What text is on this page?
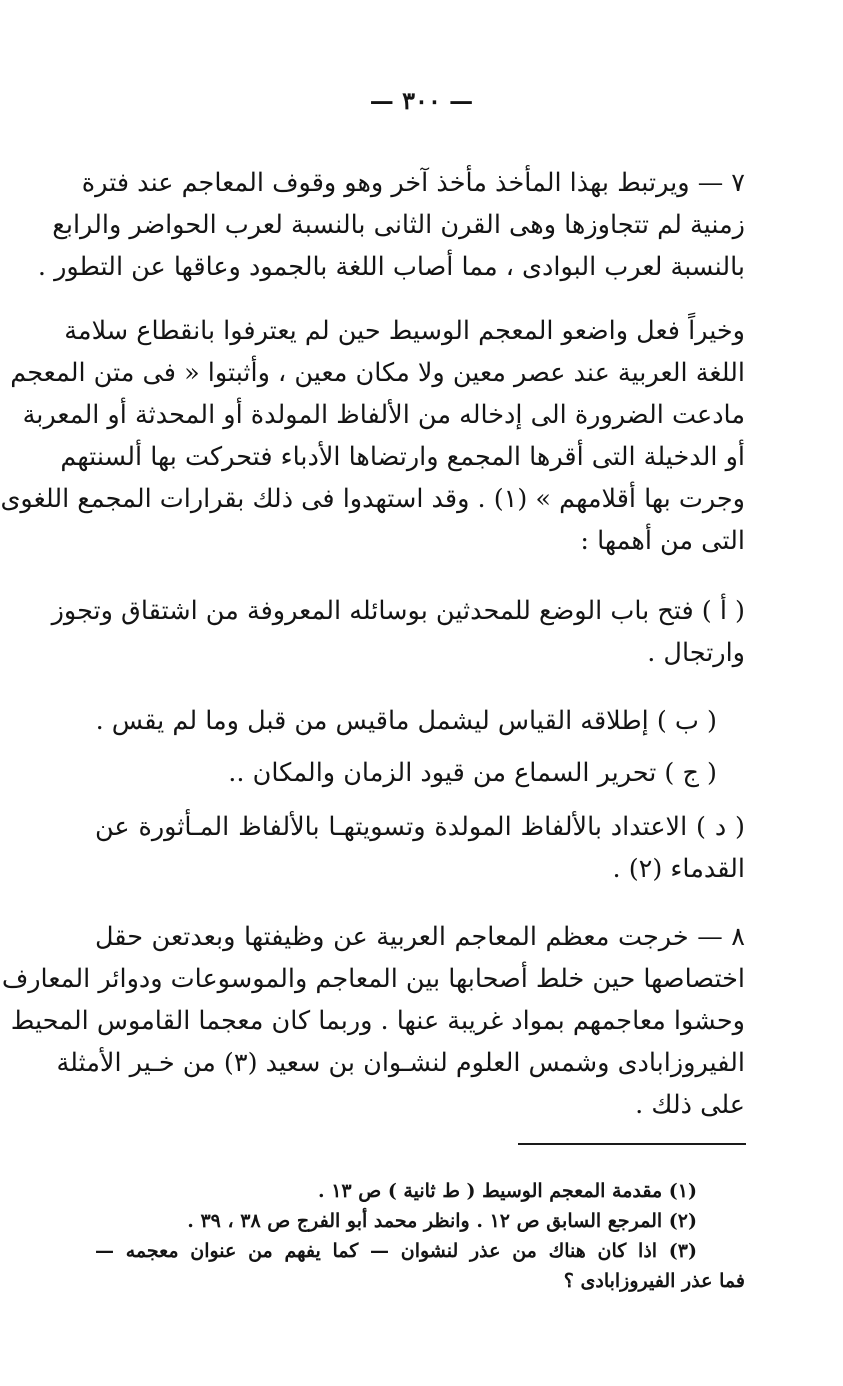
— ٣٠٠ —
٧ — ويرتبط بهذا المأخذ مأخذ آخر وهو وقوف المعاجم عند فترة
زمنية لم تتجاوزها وهى القرن الثانى بالنسبة لعرب الحواضر والرابع
بالنسبة لعرب البوادى ، مما أصاب اللغة بالجمود وعاقها عن التطور .
وخيراً فعل واضعو المعجم الوسيط حين لم يعترفوا بانقطاع سلامة
اللغة العربية عند عصر معين ولا مكان معين ، وأثبتوا « فى متن المعجم
مادعت الضرورة الى إدخاله من الألفاظ المولدة أو المحدثة أو المعربة
أو الدخيلة التى أقرها المجمع وارتضاها الأدباء فتحركت بها ألسنتهم
وجرت بها أقلامهم » (١) . وقد استهدوا فى ذلك بقرارات المجمع اللغوى
التى من أهمها :
( أ ) فتح باب الوضع للمحدثين بوسائله المعروفة من اشتقاق وتجوز
وارتجال .
( ب ) إطلاقه القياس ليشمل ماقيس من قبل وما لم يقس .
( ج ) تحرير السماع من قيود الزمان والمكان ..
( د ) الاعتداد بالألفاظ المولدة وتسويتهـا بالألفاظ المـأثورة عن
القدماء (٢) .
٨ — خرجت معظم المعاجم العربية عن وظيفتها وبعدتعن حقل
اختصاصها حين خلط أصحابها بين المعاجم والموسوعات ودوائر المعارف
وحشوا معاجمهم بمواد غريبة عنها . وربما كان معجما القاموس المحيط
الفيروزابادى وشمس العلوم لنشـوان بن سعيد (٣) من خـير الأمثلة
على ذلك .
(١) مقدمة المعجم الوسيط ( ط ثانية ) ص ١٣ .
(٢) المرجع السابق ص ١٢ . وانظر محمد أبو الفرج ص ٣٨ ، ٣٩ .
(٣) اذا كان هناك من عذر لنشوان — كما يفهم من عنوان معجمه —
فما عذر الفيروزابادى ؟
